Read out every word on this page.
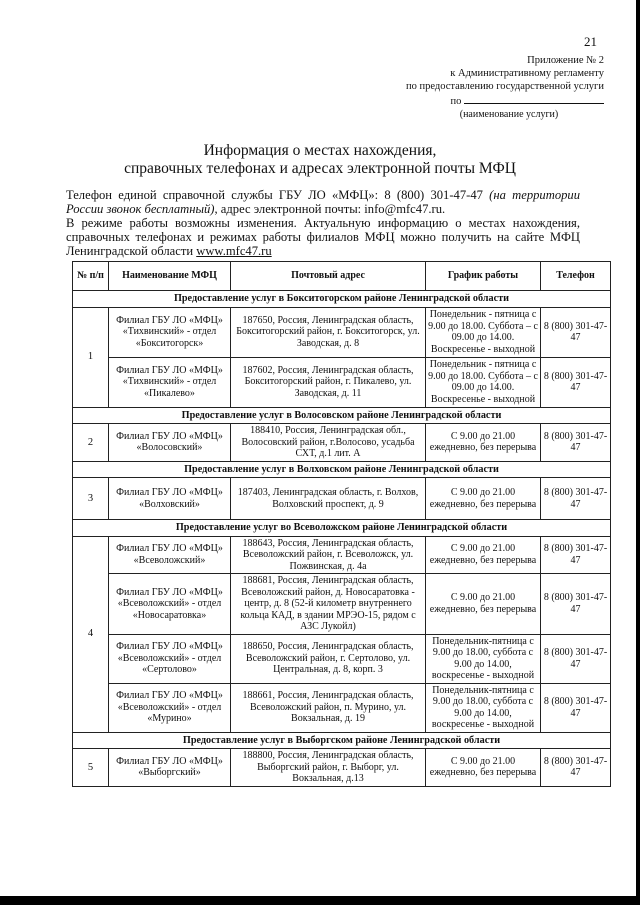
21
Приложение № 2
к Административному регламенту
по предоставлению государственной услуги
по
(наименование услуги)
Информация о местах нахождения,
справочных телефонах и адресах электронной почты МФЦ

Телефон единой справочной службы ГБУ ЛО «МФЦ»: 8 (800) 301-47-47 (на территории России звонок бесплатный), адрес электронной почты: info@mfc47.ru.

В режиме работы возможны изменения. Актуальную информацию о местах нахождения, справочных телефонах и режимах работы филиалов МФЦ можно получить на сайте МФЦ Ленинградской области www.mfc47.ru

№ п/п	Наименование МФЦ	Почтовый адрес	График работы	Телефон
Предоставление услуг в Бокситогорском районе Ленинградской области				
1	Филиал ГБУ ЛО «МФЦ» «Тихвинский» - отдел «Бокситогорск»	187650, Россия, Ленинградская область, Бокситогорский район, г. Бокситогорск, ул. Заводская, д. 8	Понедельник - пятница с 9.00 до 18.00. Суббота – с 09.00 до 14.00. Воскресенье - выходной	8 (800) 301-47-47
	Филиал ГБУ ЛО «МФЦ» «Тихвинский» - отдел «Пикалево»	187602, Россия, Ленинградская область, Бокситогорский район, г. Пикалево, ул. Заводская, д. 11	Понедельник - пятница с 9.00 до 18.00. Суббота – с 09.00 до 14.00. Воскресенье - выходной	8 (800) 301-47-47
Предоставление услуг в Волосовском районе Ленинградской области				
2	Филиал ГБУ ЛО «МФЦ» «Волосовский»	188410, Россия, Ленинградская обл., Волосовский район, г.Волосово, усадьба СХТ, д.1 лит. А	С 9.00 до 21.00 ежедневно, без перерыва	8 (800) 301-47-47
Предоставление услуг в Волховском районе Ленинградской области				
3	Филиал ГБУ ЛО «МФЦ» «Волховский»	187403, Ленинградская область, г. Волхов, Волховский проспект, д. 9	С 9.00 до 21.00 ежедневно, без перерыва	8 (800) 301-47-47
Предоставление услуг во Всеволожском районе Ленинградской области				
4	Филиал ГБУ ЛО «МФЦ» «Всеволожский»	188643, Россия, Ленинградская область, Всеволожский район, г. Всеволожск, ул. Пожвинская, д. 4а	С 9.00 до 21.00 ежедневно, без перерыва	8 (800) 301-47-47
	Филиал ГБУ ЛО «МФЦ» «Всеволожский» - отдел «Новосаратовка»	188681, Россия, Ленинградская область, Всеволожский район, д. Новосаратовка - центр, д. 8 (52-й километр внутреннего кольца КАД, в здании МРЭО-15, рядом с АЗС Лукойл)	С 9.00 до 21.00 ежедневно, без перерыва	8 (800) 301-47-47
	Филиал ГБУ ЛО «МФЦ» «Всеволожский» - отдел «Сертолово»	188650, Россия, Ленинградская область, Всеволожский район, г. Сертолово, ул. Центральная, д. 8, корп. 3	Понедельник-пятница с 9.00 до 18.00, суббота с 9.00 до 14.00, воскресенье - выходной	8 (800) 301-47-47
	Филиал ГБУ ЛО «МФЦ» «Всеволожский» - отдел «Мурино»	188661, Россия, Ленинградская область, Всеволожский район, п. Мурино, ул. Вокзальная, д. 19	Понедельник-пятница с 9.00 до 18.00, суббота с 9.00 до 14.00, воскресенье - выходной	8 (800) 301-47-47
Предоставление услуг в Выборгском районе Ленинградской области				
5	Филиал ГБУ ЛО «МФЦ» «Выборгский»	188800, Россия, Ленинградская область, Выборгский район, г. Выборг, ул. Вокзальная, д.13	С 9.00 до 21.00 ежедневно, без перерыва	8 (800) 301-47-47
